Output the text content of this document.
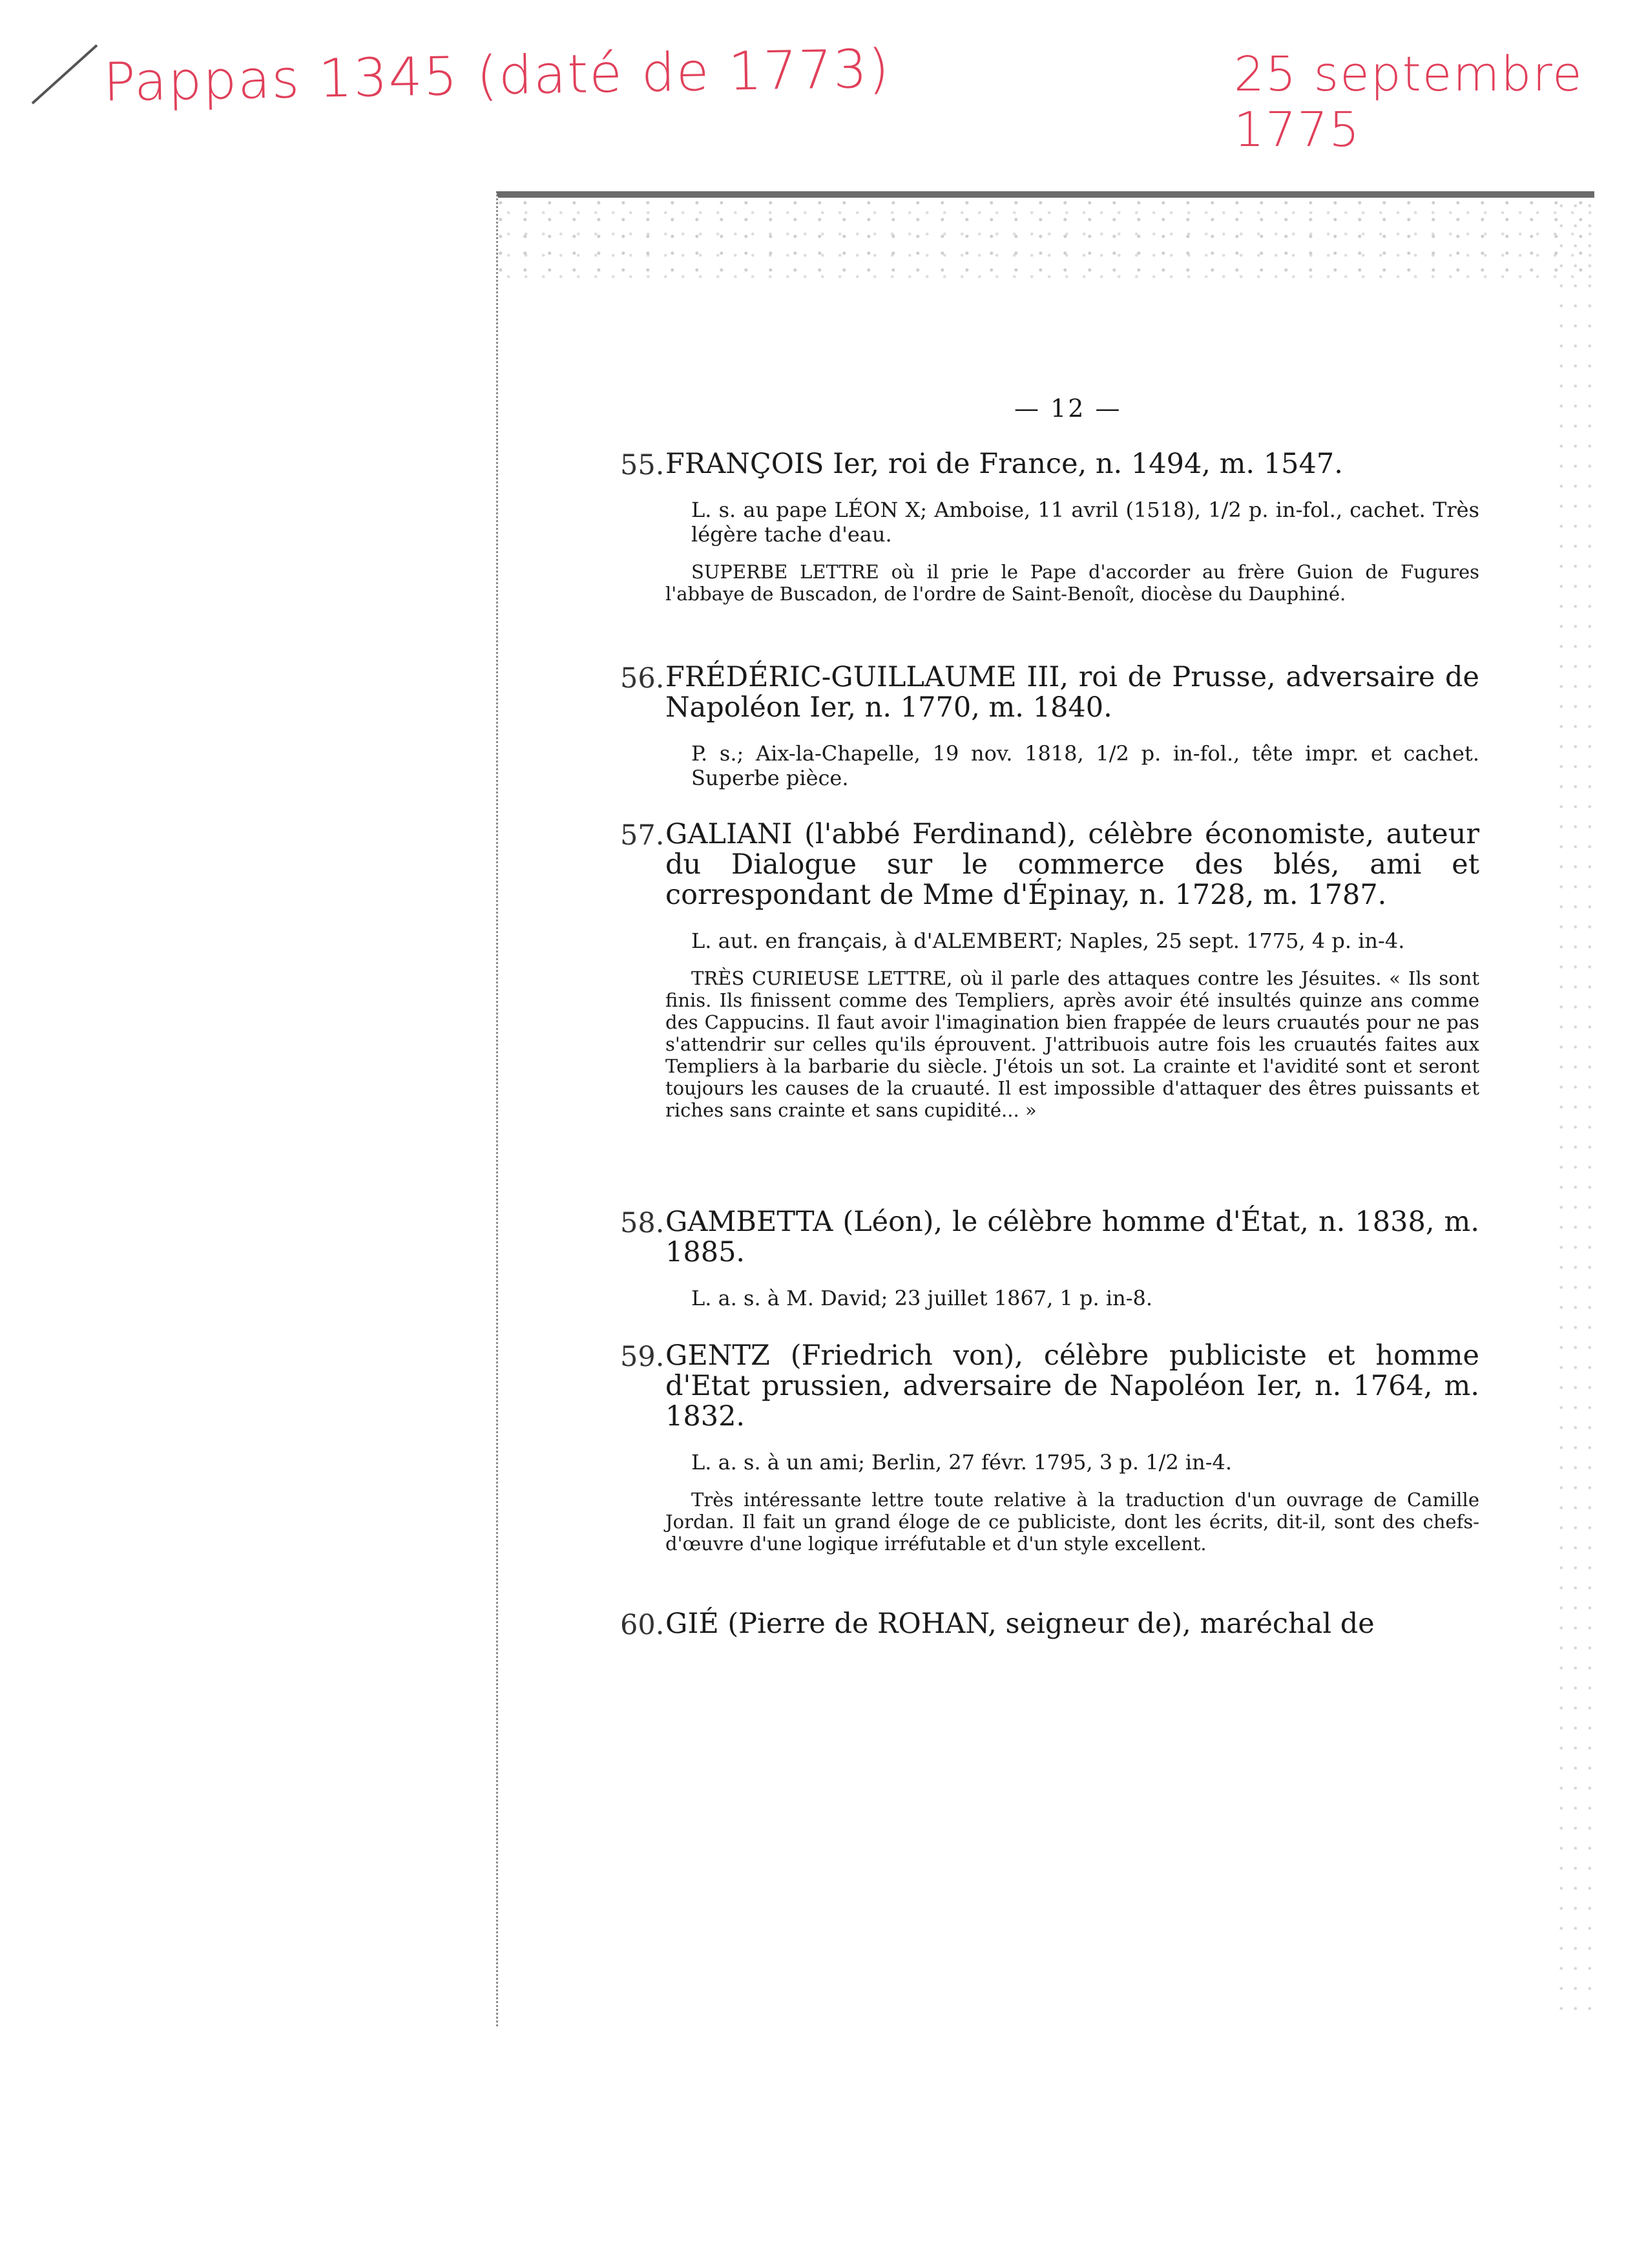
Pappas 1345 (daté de 1773)	25 septembre 1775
— 12 —
55. FRANÇOIS Ier, roi de France, n. 1494, m. 1547.

L. s. au pape LÉON X; Amboise, 11 avril (1518), 1/2 p. in-fol., cachet. Très légère tache d'eau.
SUPERBE LETTRE où il prie le Pape d'accorder au frère Guion de Fugures l'abbaye de Buscadon, de l'ordre de Saint-Benoît, diocèse du Dauphiné.
56. FRÉDÉRIC-GUILLAUME III, roi de Prusse, adversaire de Napoléon Ier, n. 1770, m. 1840.

P. s.; Aix-la-Chapelle, 19 nov. 1818, 1/2 p. in-fol., tête impr. et cachet. Superbe pièce.
57. GALIANI (l'abbé Ferdinand), célèbre économiste, auteur du Dialogue sur le commerce des blés, ami et correspondant de Mme d'Épinay, n. 1728, m. 1787.

L. aut. en français, à d'ALEMBERT; Naples, 25 sept. 1775, 4 p. in-4.
TRÈS CURIEUSE LETTRE, où il parle des attaques contre les Jésuites. « Ils sont finis. Ils finissent comme des Templiers, après avoir été insultés quinze ans comme des Cappucins. Il faut avoir l'imagination bien frappée de leurs cruautés pour ne pas s'attendrir sur celles qu'ils éprouvent. J'attribuois autre fois les cruautés faites aux Templiers à la barbarie du siècle. J'étois un sot. La crainte et l'avidité sont et seront toujours les causes de la cruauté. Il est impossible d'attaquer des êtres puissants et riches sans crainte et sans cupidité... »
58. GAMBETTA (Léon), le célèbre homme d'État, n. 1838, m. 1885.

L. a. s. à M. David; 23 juillet 1867, 1 p. in-8.
59. GENTZ (Friedrich von), célèbre publiciste et homme d'Etat prussien, adversaire de Napoléon Ier, n. 1764, m. 1832.

L. a. s. à un ami; Berlin, 27 févr. 1795, 3 p. 1/2 in-4.
Très intéressante lettre toute relative à la traduction d'un ouvrage de Camille Jordan. Il fait un grand éloge de ce publiciste, dont les écrits, dit-il, sont des chefs-d'œuvre d'une logique irréfutable et d'un style excellent.
60. GIÉ (Pierre de ROHAN, seigneur de), maréchal de
